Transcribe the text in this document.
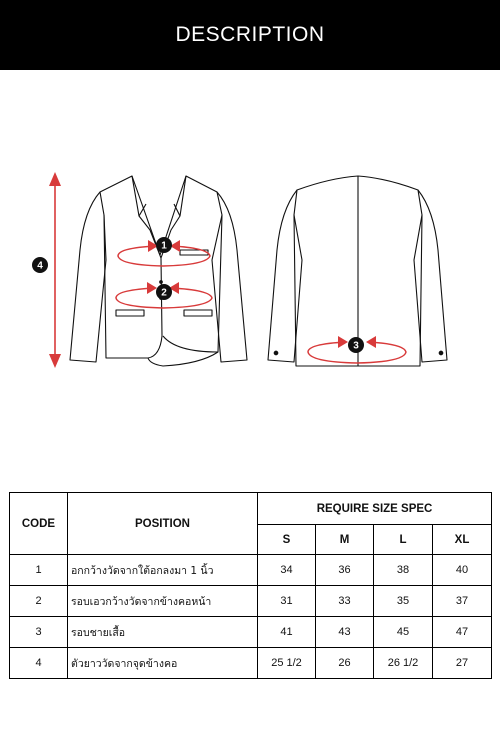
DESCRIPTION
1
2
3
4
CODE	POSITION	REQUIRE SIZE SPEC			
		S	M	L	XL
1	อกกว้างวัดจากใต้อกลงมา 1 นิ้ว	34	36	38	40
2	รอบเอวกว้างวัดจากข้างคอหน้า	31	33	35	37
3	รอบชายเสื้อ	41	43	45	47
4	ตัวยาววัดจากจุดข้างคอ	25 1/2	26	26 1/2	27
